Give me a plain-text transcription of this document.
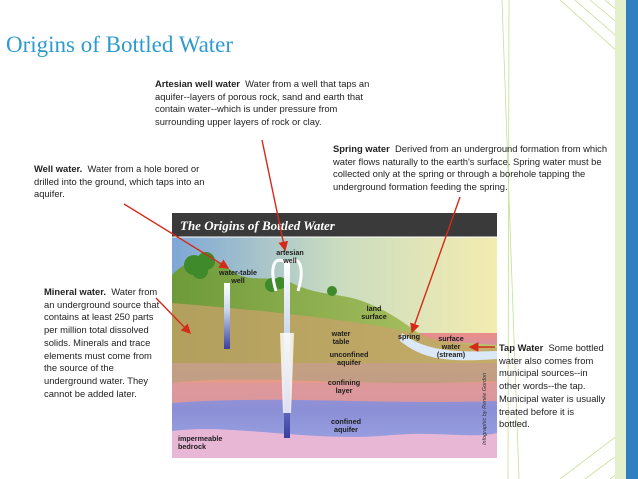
Origins of Bottled Water
Artesian well water Water from a well that taps an aquifer--layers of porous rock, sand and earth that contain water--which is under pressure from surrounding upper layers of rock or clay.
Well water. Water from a hole bored or drilled into the ground, which taps into an aquifer.
Spring water Derived from an underground formation from which water flows naturally to the earth's surface. Spring water must be collected only at the spring or through a borehole tapping the underground formation feeding the spring.
Mineral water. Water from an underground source that contains at least 250 parts per million total dissolved solids. Minerals and trace elements must come from the source of the underground water. They cannot be added later.
Tap Water Some bottled water also comes from municipal sources--in other words--the tap. Municipal water is usually treated before it is bottled.
The Origins of Bottled Water
artesian well
water-table well
land surface
spring	surface water (stream)
water table
unconfined aquifer
confining layer
confined aquifer
impermeable bedrock
Infographic by Renée Gordon
